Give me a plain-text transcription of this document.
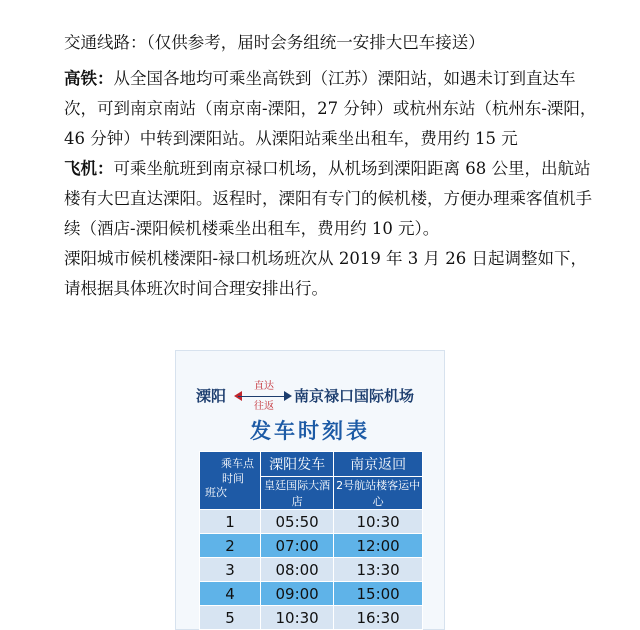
交通线路：（仅供参考，届时会务组统一安排大巴车接送）

高铁：从全国各地均可乘坐高铁到（江苏）溧阳站，如遇未订到直达车次，可到南京南站（南京南-溧阳，27 分钟）或杭州东站（杭州东-溧阳，46 分钟）中转到溧阳站。从溧阳站乘坐出租车，费用约 15 元

飞机：可乘坐航班到南京禄口机场，从机场到溧阳距离 68 公里，出航站楼有大巴直达溧阳。返程时，溧阳有专门的候机楼，方便办理乘客值机手续（酒店-溧阳候机楼乘坐出租车，费用约 10 元）。

溧阳城市候机楼溧阳-禄口机场班次从 2019 年 3 月 26 日起调整如下， 请根据具体班次时间合理安排出行。

溧阳
直达
往返
南京禄口国际机场
发车时刻表
乘车点
时间
班次	溧阳发车	南京返回
	皇廷国际大酒店	2号航站楼客运中心
1	05:50	10:30
2	07:00	12:00
3	08:00	13:30
4	09:00	15:00
5	10:30	16:30
